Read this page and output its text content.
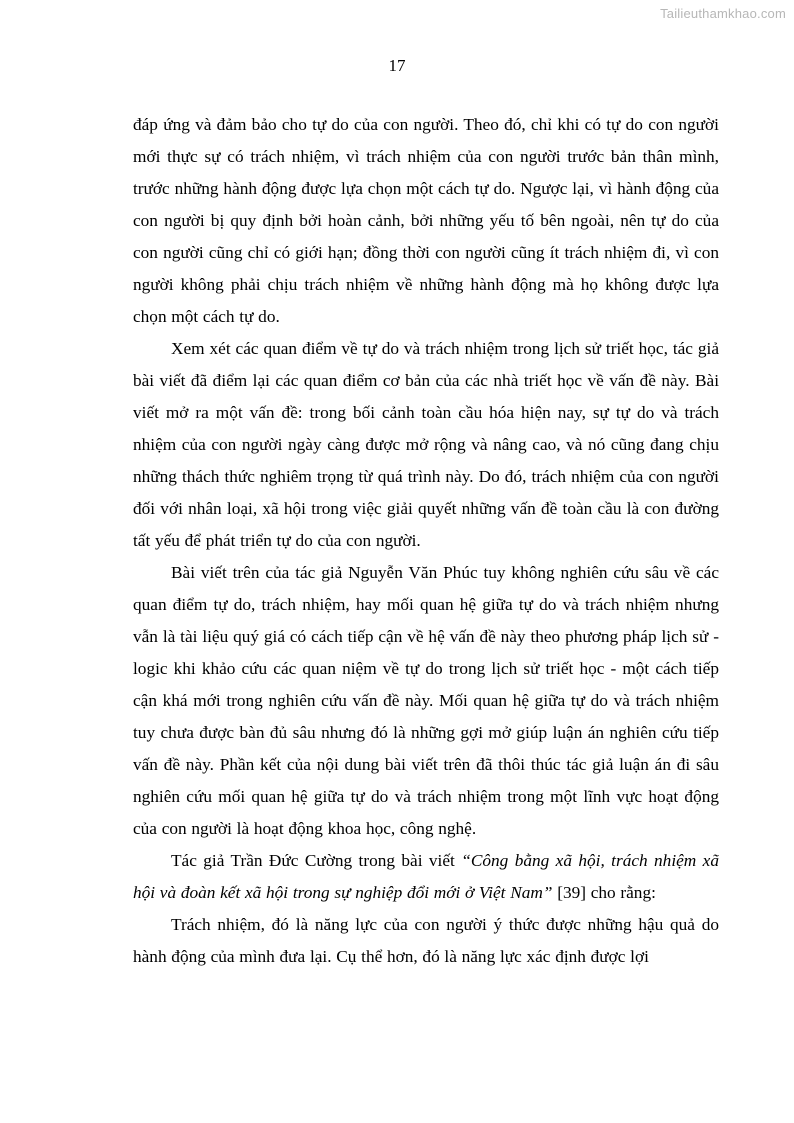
Tailieuthamkhao.com
17

đáp ứng và đảm bảo cho tự do của con người. Theo đó, chỉ khi có tự do con người mới thực sự có trách nhiệm, vì trách nhiệm của con người trước bản thân mình, trước những hành động được lựa chọn một cách tự do. Ngược lại, vì hành động của con người bị quy định bởi hoàn cảnh, bởi những yếu tố bên ngoài, nên tự do của con người cũng chỉ có giới hạn; đồng thời con người cũng ít trách nhiệm đi, vì con người không phải chịu trách nhiệm về những hành động mà họ không được lựa chọn một cách tự do.

Xem xét các quan điểm về tự do và trách nhiệm trong lịch sử triết học, tác giả bài viết đã điểm lại các quan điểm cơ bản của các nhà triết học về vấn đề này. Bài viết mở ra một vấn đề: trong bối cảnh toàn cầu hóa hiện nay, sự tự do và trách nhiệm của con người ngày càng được mở rộng và nâng cao, và nó cũng đang chịu những thách thức nghiêm trọng từ quá trình này. Do đó, trách nhiệm của con người đối với nhân loại, xã hội trong việc giải quyết những vấn đề toàn cầu là con đường tất yếu để phát triển tự do của con người.

Bài viết trên của tác giả Nguyễn Văn Phúc tuy không nghiên cứu sâu về các quan điểm tự do, trách nhiệm, hay mối quan hệ giữa tự do và trách nhiệm nhưng vẫn là tài liệu quý giá có cách tiếp cận về hệ vấn đề này theo phương pháp lịch sử - logic khi khảo cứu các quan niệm về tự do trong lịch sử triết học - một cách tiếp cận khá mới trong nghiên cứu vấn đề này. Mối quan hệ giữa tự do và trách nhiệm tuy chưa được bàn đủ sâu nhưng đó là những gợi mở giúp luận án nghiên cứu tiếp vấn đề này. Phần kết của nội dung bài viết trên đã thôi thúc tác giả luận án đi sâu nghiên cứu mối quan hệ giữa tự do và trách nhiệm trong một lĩnh vực hoạt động của con người là hoạt động khoa học, công nghệ.

Tác giả Trần Đức Cường trong bài viết “Công bằng xã hội, trách nhiệm xã hội và đoàn kết xã hội trong sự nghiệp đổi mới ở Việt Nam” [39] cho rằng:

Trách nhiệm, đó là năng lực của con người ý thức được những hậu quả do hành động của mình đưa lại. Cụ thể hơn, đó là năng lực xác định được lợi
